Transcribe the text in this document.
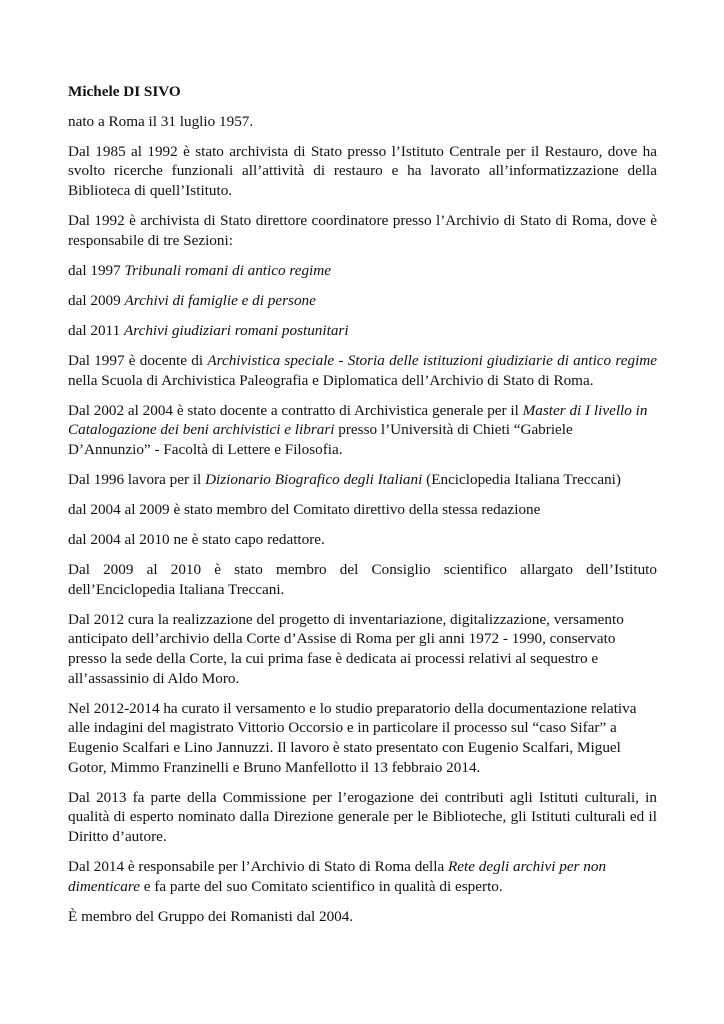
Michele DI SIVO

nato a Roma il 31 luglio 1957.

Dal 1985 al 1992 è stato archivista di Stato presso l’Istituto Centrale per il Restauro, dove ha svolto ricerche funzionali all’attività di restauro e ha lavorato all’informatizzazione della Biblioteca di quell’Istituto.

Dal 1992 è archivista di Stato direttore coordinatore presso l’Archivio di Stato di Roma, dove è responsabile di tre Sezioni:

dal 1997 Tribunali romani di antico regime

dal 2009 Archivi di famiglie e di persone

dal 2011 Archivi giudiziari romani postunitari

Dal 1997 è docente di Archivistica speciale - Storia delle istituzioni giudiziarie di antico regime nella Scuola di Archivistica Paleografia e Diplomatica dell’Archivio di Stato di Roma.

Dal 2002 al 2004 è stato docente a contratto di Archivistica generale per il Master di I livello in Catalogazione dei beni archivistici e librari presso l’Università di Chieti “Gabriele D’Annunzio” - Facoltà di Lettere e Filosofia.

Dal 1996 lavora per il Dizionario Biografico degli Italiani (Enciclopedia Italiana Treccani)

dal 2004 al 2009 è stato membro del Comitato direttivo della stessa redazione

dal 2004 al 2010 ne è stato capo redattore.

Dal 2009 al 2010 è stato membro del Consiglio scientifico allargato dell’Istituto dell’Enciclopedia Italiana Treccani.

Dal 2012 cura la realizzazione del progetto di inventariazione, digitalizzazione, versamento anticipato dell’archivio della Corte d’Assise di Roma per gli anni 1972 - 1990, conservato presso la sede della Corte, la cui prima fase è dedicata ai processi relativi al sequestro e all’assassinio di Aldo Moro.

Nel 2012-2014 ha curato il versamento e lo studio preparatorio della documentazione relativa alle indagini del magistrato Vittorio Occorsio e in particolare il processo sul “caso Sifar” a Eugenio Scalfari e Lino Jannuzzi. Il lavoro è stato presentato con Eugenio Scalfari, Miguel Gotor, Mimmo Franzinelli e Bruno Manfellotto il 13 febbraio 2014.

Dal 2013 fa parte della Commissione per l’erogazione dei contributi agli Istituti culturali, in qualità di esperto nominato dalla Direzione generale per le Biblioteche, gli Istituti culturali ed il Diritto d’autore.

Dal 2014 è responsabile per l’Archivio di Stato di Roma della Rete degli archivi per non dimenticare e fa parte del suo Comitato scientifico in qualità di esperto.

È membro del Gruppo dei Romanisti dal 2004.
